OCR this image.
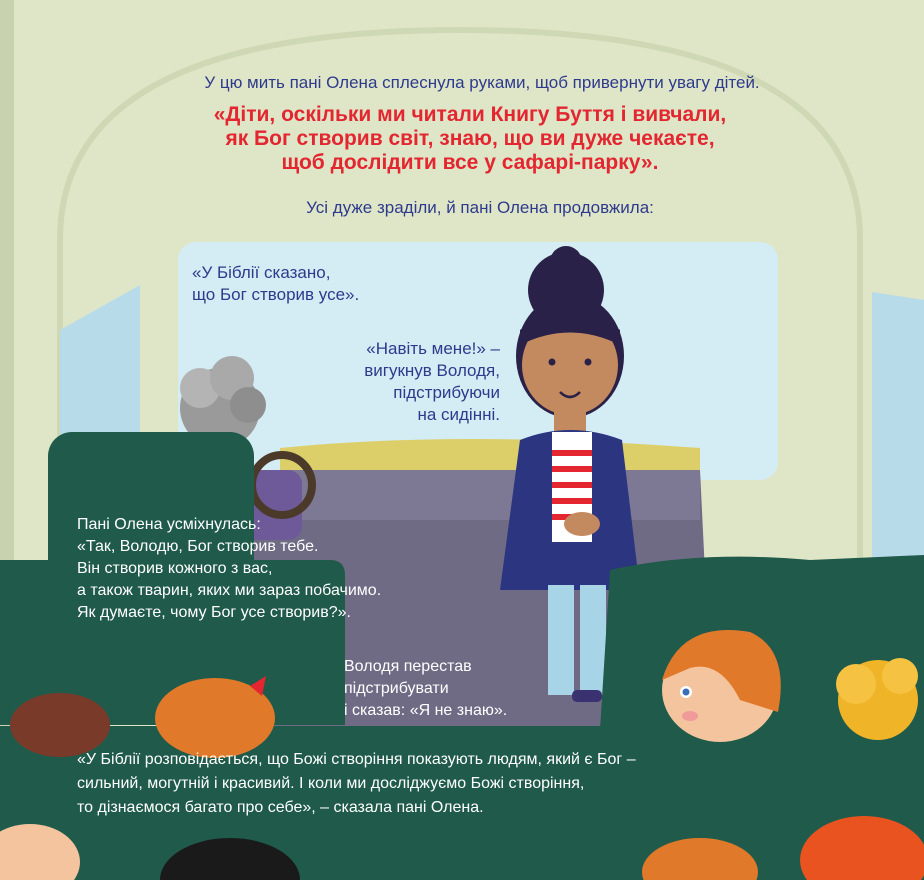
У цю мить пані Олена сплеснула руками, щоб привернути увагу дітей.

«Діти, оскільки ми читали Книгу Буття і вивчали,
як Бог створив світ, знаю, що ви дуже чекаєте,
щоб дослідити все у сафарі-парку».

Усі дуже зраділи, й пані Олена продовжила:

«У Біблії сказано,
що Бог створив усе».
«Навіть мене!» –
вигукнув Володя,
підстрибуючи
на сидінні.
Пані Олена усміхнулась:
«Так, Володю, Бог створив тебе.
Він створив кожного з вас,
а також тварин, яких ми зараз побачимо.
Як думаєте, чому Бог усе створив?».
Володя перестав
підстрибувати
і сказав: «Я не знаю».
«У Біблії розповідається, що Божі створіння показують людям, який є Бог –
сильний, могутній і красивий. І коли ми досліджуємо Божі створіння,
то дізнаємося багато про себе», – сказала пані Олена.
